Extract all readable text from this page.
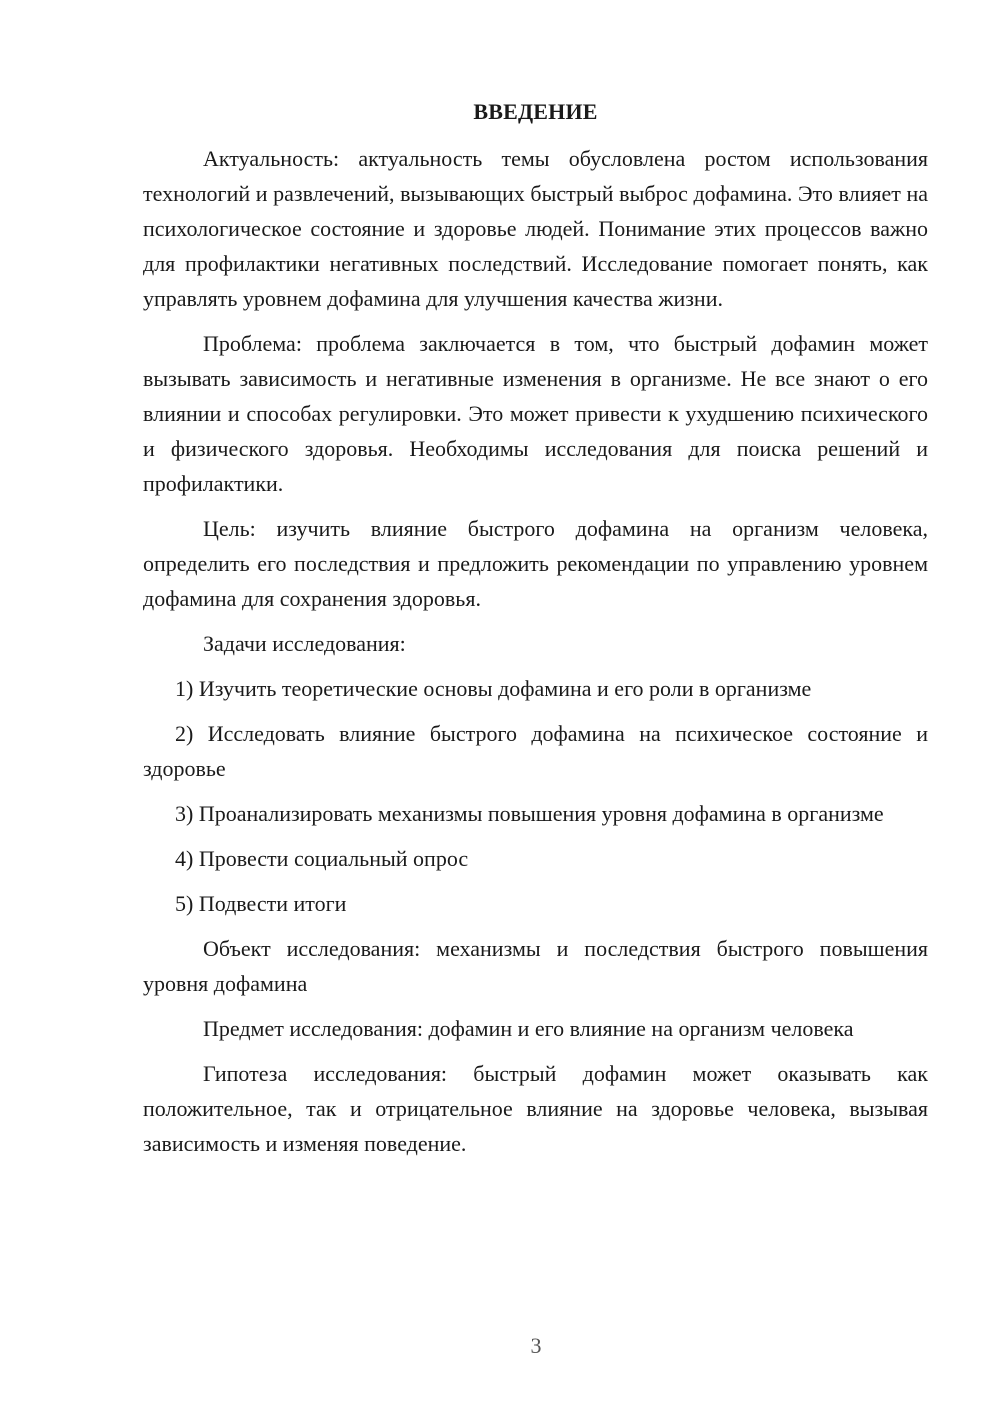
ВВЕДЕНИЕ

Актуальность: актуальность темы обусловлена ростом использования технологий и развлечений, вызывающих быстрый выброс дофамина. Это влияет на психологическое состояние и здоровье людей. Понимание этих процессов важно для профилактики негативных последствий. Исследование помогает понять, как управлять уровнем дофамина для улучшения качества жизни.

Проблема: проблема заключается в том, что быстрый дофамин может вызывать зависимость и негативные изменения в организме. Не все знают о его влиянии и способах регулировки. Это может привести к ухудшению психического и физического здоровья. Необходимы исследования для поиска решений и профилактики.

Цель: изучить влияние быстрого дофамина на организм человека, определить его последствия и предложить рекомендации по управлению уровнем дофамина для сохранения здоровья.

Задачи исследования:

1) Изучить теоретические основы дофамина и его роли в организме

2) Исследовать влияние быстрого дофамина на психическое состояние и здоровье

3) Проанализировать механизмы повышения уровня дофамина в организме

4) Провести социальный опрос

5) Подвести итоги

Объект исследования: механизмы и последствия быстрого повышения уровня дофамина

Предмет исследования: дофамин и его влияние на организм человека

Гипотеза исследования: быстрый дофамин может оказывать как положительное, так и отрицательное влияние на здоровье человека, вызывая зависимость и изменяя поведение.

3
